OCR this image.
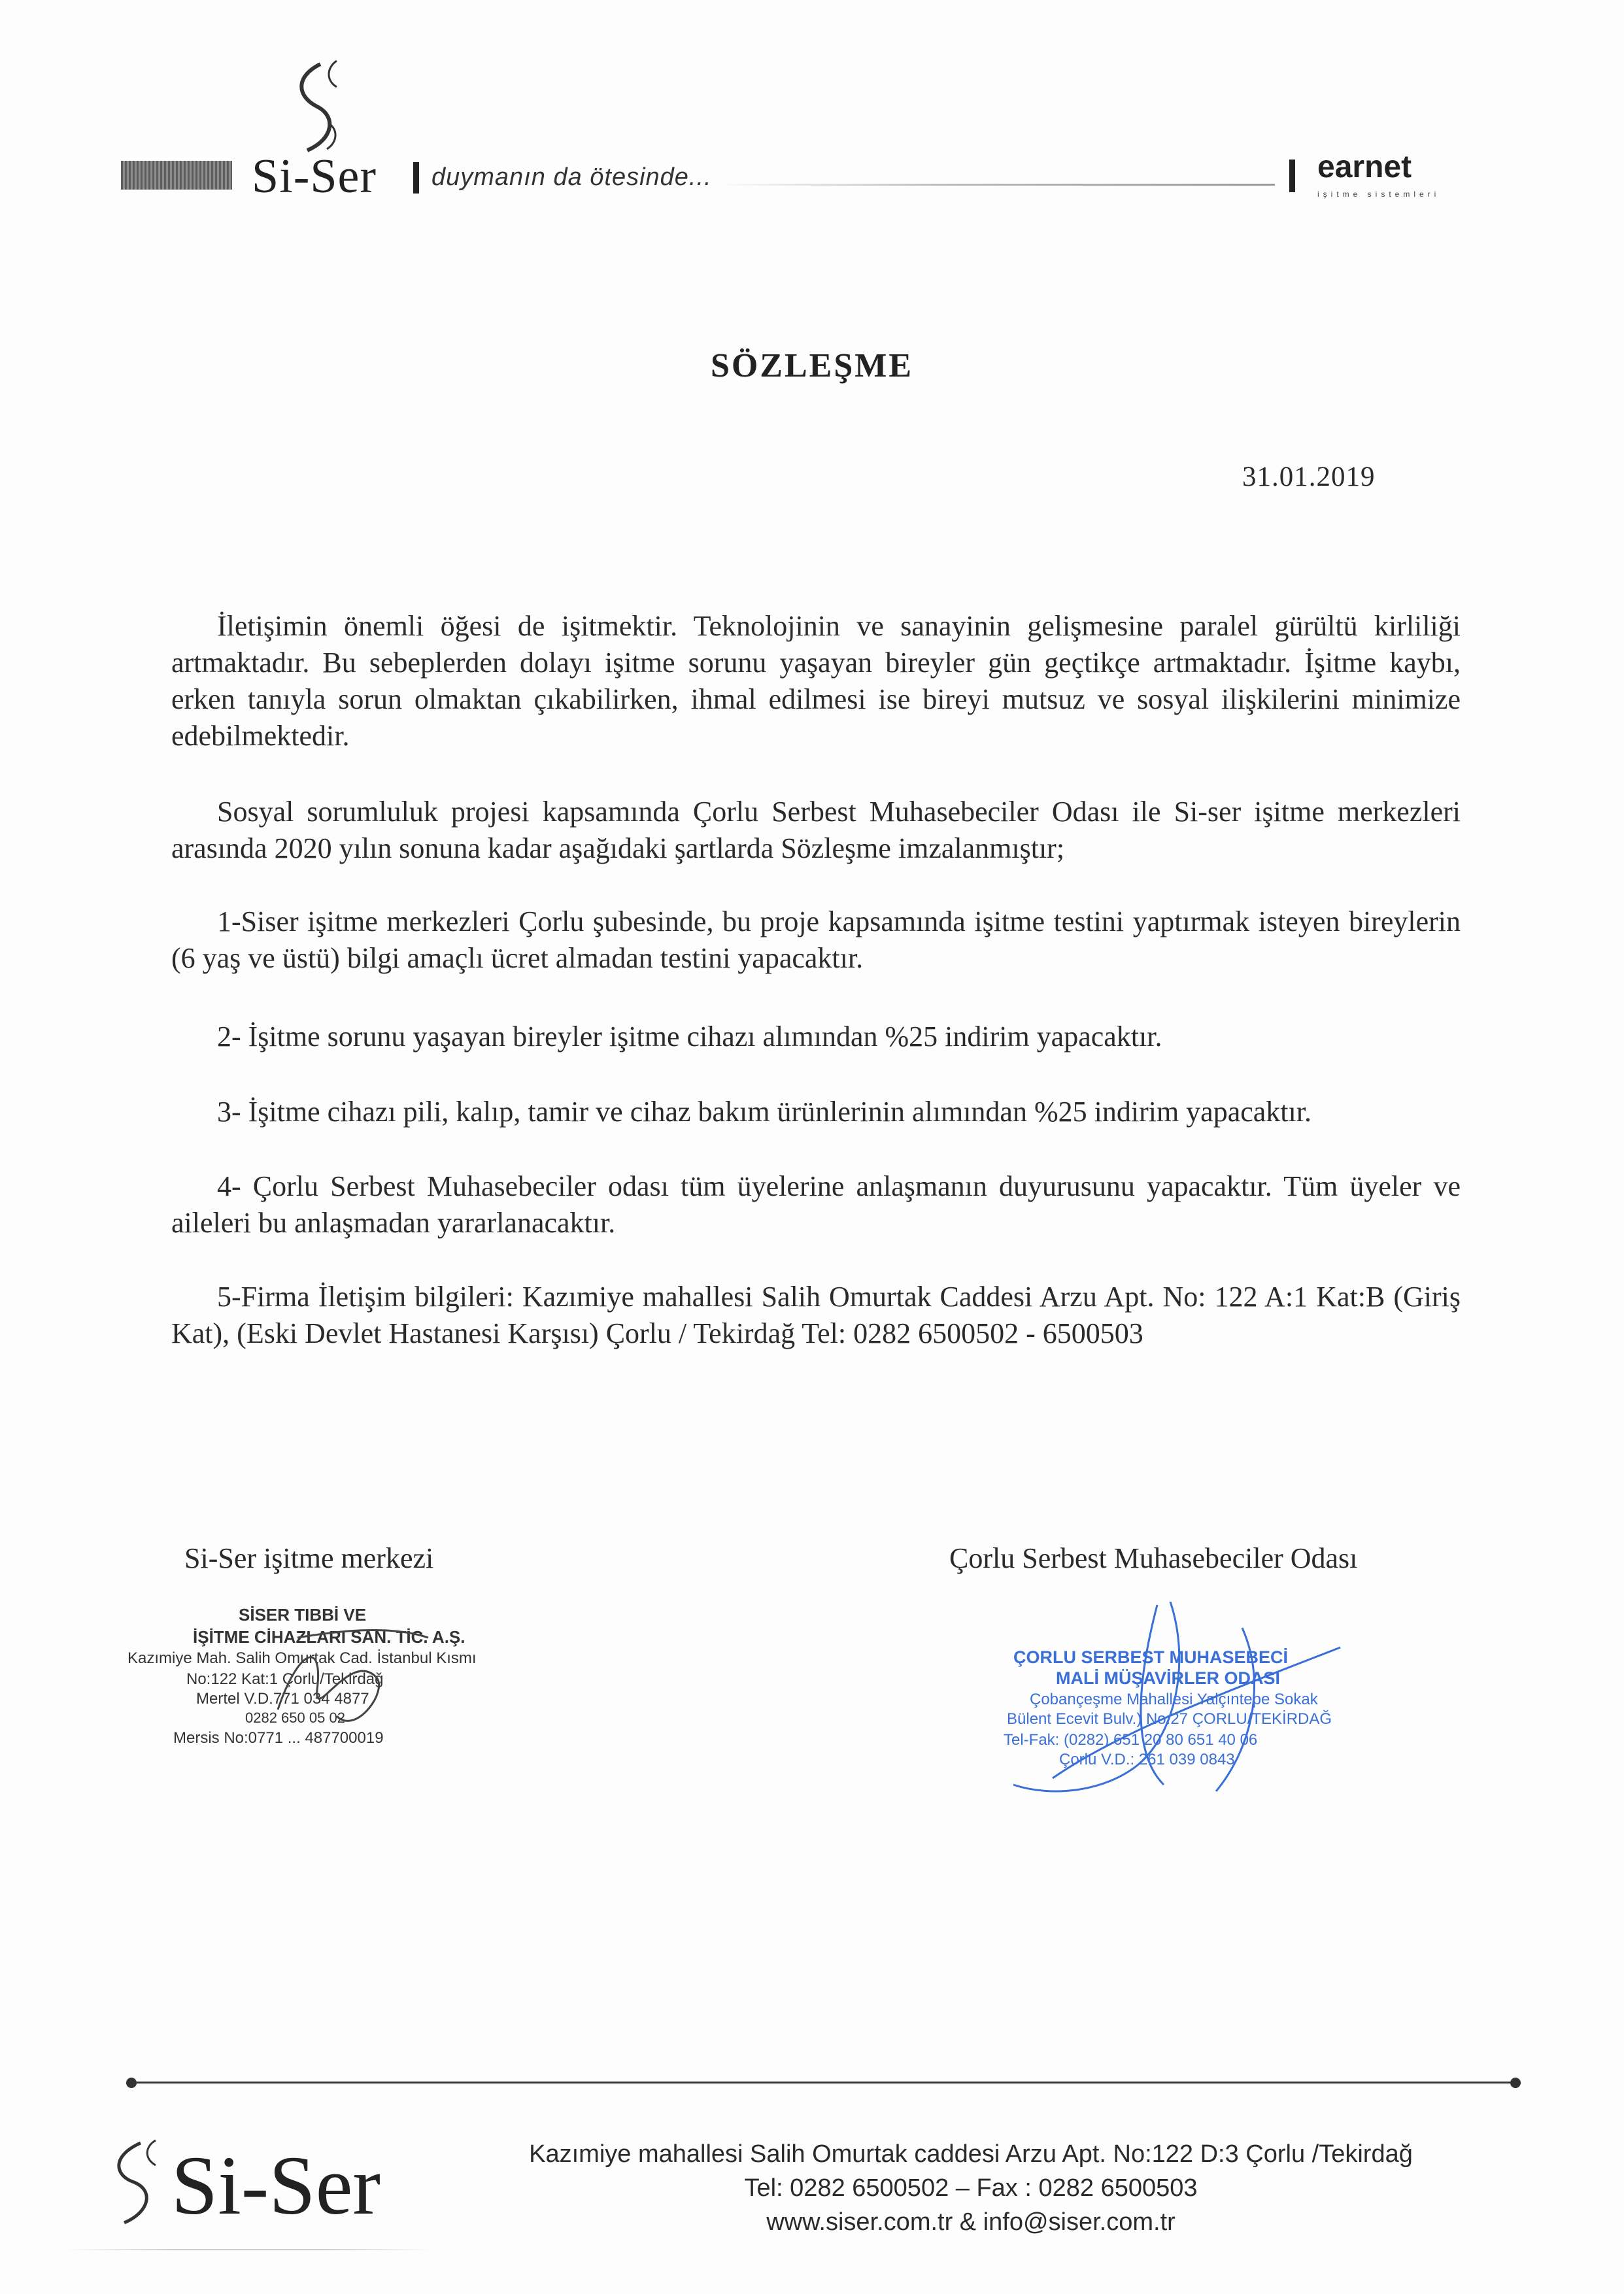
Si-Ser duymanın da ötesinde...	earnet
işitme sistemleri
SÖZLEŞME
31.01.2019
İletişimin önemli öğesi de işitmektir. Teknolojinin ve sanayinin gelişmesine paralel gürültü kirliliği artmaktadır. Bu sebeplerden dolayı işitme sorunu yaşayan bireyler gün geçtikçe artmaktadır. İşitme kaybı, erken tanıyla sorun olmaktan çıkabilirken, ihmal edilmesi ise bireyi mutsuz ve sosyal ilişkilerini minimize edebilmektedir.
Sosyal sorumluluk projesi kapsamında Çorlu Serbest Muhasebeciler Odası ile Si-ser işitme merkezleri arasında 2020 yılın sonuna kadar aşağıdaki şartlarda Sözleşme imzalanmıştır;
1-Siser işitme merkezleri Çorlu şubesinde, bu proje kapsamında işitme testini yaptırmak isteyen bireylerin (6 yaş ve üstü) bilgi amaçlı ücret almadan testini yapacaktır.
2- İşitme sorunu yaşayan bireyler işitme cihazı alımından %25 indirim yapacaktır.
3- İşitme cihazı pili, kalıp, tamir ve cihaz bakım ürünlerinin alımından %25 indirim yapacaktır.
4- Çorlu Serbest Muhasebeciler odası tüm üyelerine anlaşmanın duyurusunu yapacaktır. Tüm üyeler ve aileleri bu anlaşmadan yararlanacaktır.
5-Firma İletişim bilgileri: Kazımiye mahallesi Salih Omurtak Caddesi Arzu Apt. No: 122 A:1 Kat:B (Giriş Kat), (Eski Devlet Hastanesi Karşısı) Çorlu / Tekirdağ Tel: 0282 6500502 - 6500503
Si-Ser işitme merkezi	Çorlu Serbest Muhasebeciler Odası
SİSER TIBBİ VE
İŞİTME CİHAZLARI SAN. TİC. A.Ş.
Kazımiye Mah. Salih Omurtak Cad. İstanbul Kısmı
No:122 Kat:1 Çorlu/Tekirdağ
Mertel V.D.771 034 4877
0282 650 05 02
Mersis No:0771 ... 487700019
ÇORLU SERBEST MUHASEBECİ
MALİ MÜŞAVİRLER ODASI
Çobançeşme Mahallesi Yalçıntepe Sokak
Bülent Ecevit Bulv.) No:27 ÇORLU/TEKİRDAĞ
Tel-Fak: (0282) 651 20 80 651 40 06
Çorlu V.D.: 261 039 0843
Si-Ser	Kazımiye mahallesi Salih Omurtak caddesi Arzu Apt. No:122 D:3 Çorlu /Tekirdağ
Tel: 0282 6500502 – Fax : 0282 6500503
www.siser.com.tr & info@siser.com.tr
